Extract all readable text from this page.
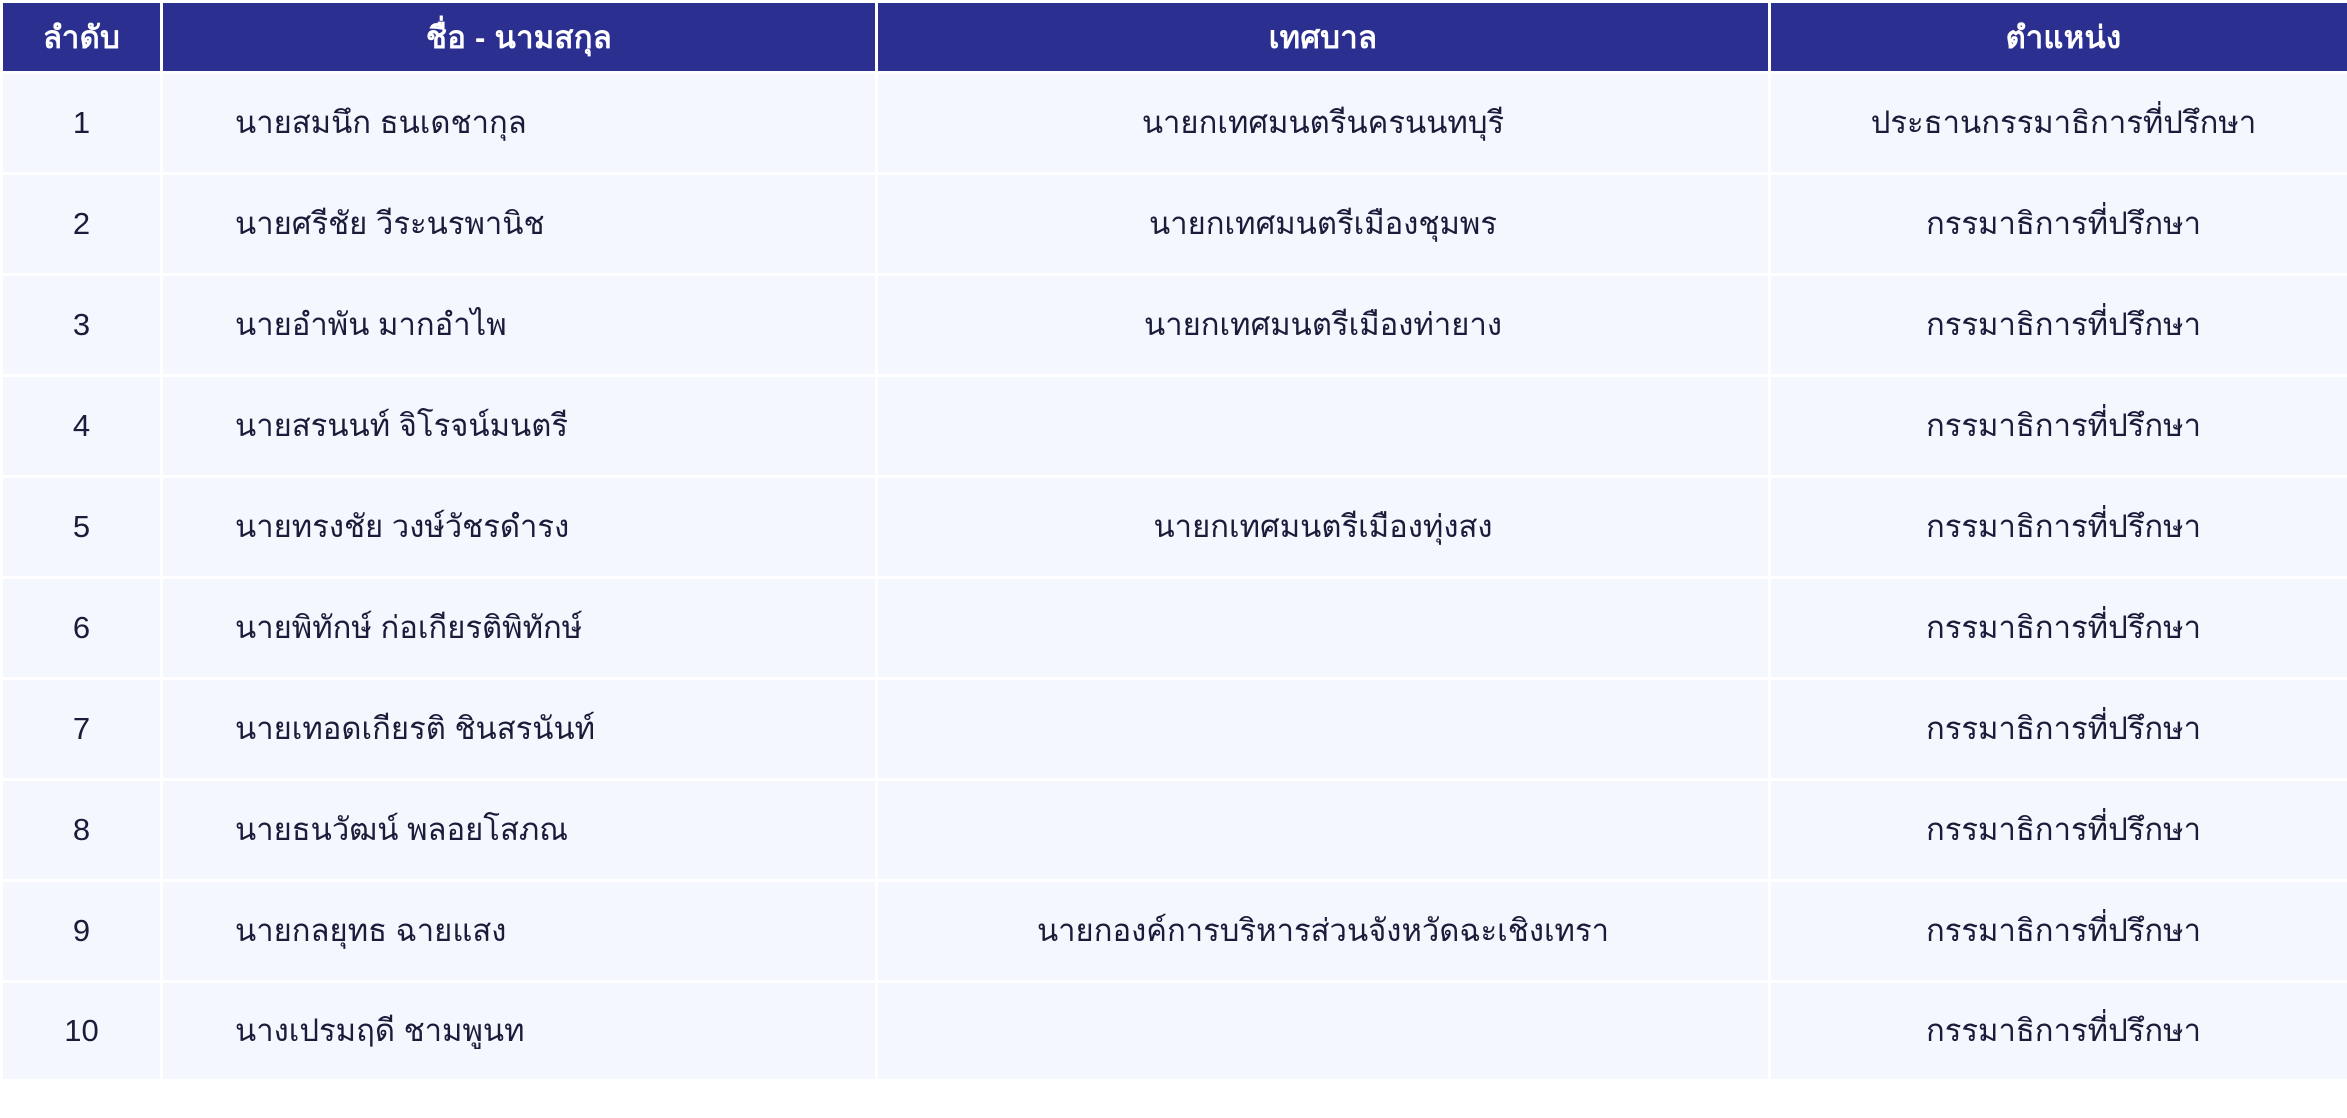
ลำดับ	ชื่อ - นามสกุล	เทศบาล	ตำแหน่ง
1	นายสมนึก ธนเดชากุล	นายกเทศมนตรีนครนนทบุรี	ประธานกรรมาธิการที่ปรึกษา
2	นายศรีชัย วีระนรพานิช	นายกเทศมนตรีเมืองชุมพร	กรรมาธิการที่ปรึกษา
3	นายอำพัน มากอำไพ	นายกเทศมนตรีเมืองท่ายาง	กรรมาธิการที่ปรึกษา
4	นายสรนนท์ จิโรจน์มนตรี		กรรมาธิการที่ปรึกษา
5	นายทรงชัย วงษ์วัชรดำรง	นายกเทศมนตรีเมืองทุ่งสง	กรรมาธิการที่ปรึกษา
6	นายพิทักษ์ ก่อเกียรติพิทักษ์		กรรมาธิการที่ปรึกษา
7	นายเทอดเกียรติ ชินสรนันท์		กรรมาธิการที่ปรึกษา
8	นายธนวัฒน์ พลอยโสภณ		กรรมาธิการที่ปรึกษา
9	นายกลยุทธ ฉายแสง	นายกองค์การบริหารส่วนจังหวัดฉะเชิงเทรา	กรรมาธิการที่ปรึกษา
10	นางเปรมฤดี ชามพูนท		กรรมาธิการที่ปรึกษา
